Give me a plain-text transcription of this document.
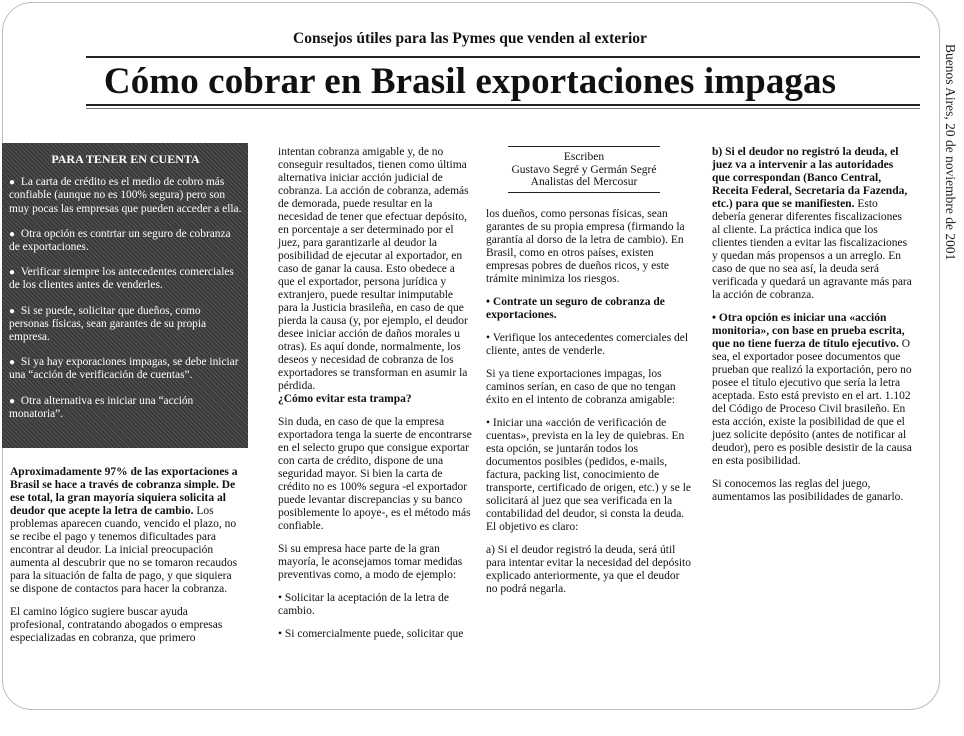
Consejos útiles para las Pymes que venden al exterior
Cómo cobrar en Brasil exportaciones impagas	Buenos Aires, 20 de noviembre de 2001
PARA TENER EN CUENTA
● La carta de crédito es el medio de cobro más confiable (aunque no es 100% segura) pero son muy pocas las empresas que pueden acceder a ella.
● Otra opción es contrtar un seguro de cobranza de exportaciones.
● Verificar siempre los antecedentes comerciales de los clientes antes de venderles.
● Si se puede, solicitar que dueños, como personas físicas, sean garantes de su propia empresa.
● Si ya hay exporaciones impagas, se debe iniciar una “acción de verificación de cuentas”.
● Otra alternativa es iniciar una “acción monatoria”.

Aproximadamente 97% de las exportaciones a Brasil se hace a través de cobranza simple. De ese total, la gran mayoría siquiera solicita al deudor que acepte la letra de cambio. Los problemas aparecen cuando, vencido el plazo, no se recibe el pago y tenemos dificultades para encontrar al deudor. La inicial preocupación aumenta al descubrir que no se tomaron recaudos para la situación de falta de pago, y que siquiera se dispone de contactos para hacer la cobranza.

El camino lógico sugiere buscar ayuda profesional, contratando abogados o empresas especializadas en cobranza, que primero

intentan cobranza amigable y, de no conseguir resultados, tienen como última alternativa iniciar acción judicial de cobranza. La acción de cobranza, además de demorada, puede resultar en la necesidad de tener que efectuar depósito, en porcentaje a ser determinado por el juez, para garantizarle al deudor la posibilidad de ejecutar al exportador, en caso de ganar la causa. Esto obedece a que el exportador, persona jurídica y extranjero, puede resultar inimputable para la Justicia brasileña, en caso de que pierda la causa (y, por ejemplo, el deudor desee iniciar acción de daños morales u otras). Es aquí donde, normalmente, los deseos y necesidad de cobranza de los exportadores se transforman en asumir la pérdida.

¿Cómo evitar esta trampa?

Sin duda, en caso de que la empresa exportadora tenga la suerte de encontrarse en el selecto grupo que consigue exportar con carta de crédito, dispone de una seguridad mayor. Si bien la carta de crédito no es 100% segura -el exportador puede levantar discrepancias y su banco posiblemente lo apoye-, es el método más confiable.

Si su empresa hace parte de la gran mayoría, le aconsejamos tomar medidas preventivas como, a modo de ejemplo:

• Solicitar la aceptación de la letra de cambio.

• Si comercialmente puede, solicitar que

Escriben
Gustavo Segré y Germán Segré
Analistas del Mercosur

los dueños, como personas físicas, sean garantes de su propia empresa (firmando la garantía al dorso de la letra de cambio). En Brasil, como en otros países, existen empresas pobres de dueños ricos, y este trámite minimiza los riesgos.

• Contrate un seguro de cobranza de exportaciones.

• Verifique los antecedentes comerciales del cliente, antes de venderle.

Si ya tiene exportaciones impagas, los caminos serían, en caso de que no tengan éxito en el intento de cobranza amigable:

• Iniciar una «acción de verificación de cuentas», prevista en la ley de quiebras. En esta opción, se juntarán todos los documentos posibles (pedidos, e-mails, factura, packing list, conocimiento de transporte, certificado de origen, etc.) y se le solicitará al juez que sea verificada en la contabilidad del deudor, si consta la deuda.

El objetivo es claro:

a) Si el deudor registró la deuda, será útil para intentar evitar la necesidad del depósito explicado anteriormente, ya que el deudor no podrá negarla.

b) Si el deudor no registró la deuda, el juez va a intervenir a las autoridades que correspondan (Banco Central, Receita Federal, Secretaria da Fazenda, etc.) para que se manifiesten. Esto debería generar diferentes fiscalizaciones al cliente. La práctica indica que los clientes tienden a evitar las fiscalizaciones y quedan más propensos a un arreglo. En caso de que no sea así, la deuda será verificada y quedará un agravante más para la acción de cobranza.

• Otra opción es iniciar una «acción monitoria», con base en prueba escrita, que no tiene fuerza de título ejecutivo. O sea, el exportador posee documentos que prueban que realizó la exportación, pero no posee el título ejecutivo que sería la letra aceptada. Esto está previsto en el art. 1.102 del Código de Proceso Civil brasileño. En esta acción, existe la posibilidad de que el juez solicite depósito (antes de notificar al deudor), pero es posible desistir de la causa en esta posibilidad.

Si conocemos las reglas del juego, aumentamos las posibilidades de ganarlo.
